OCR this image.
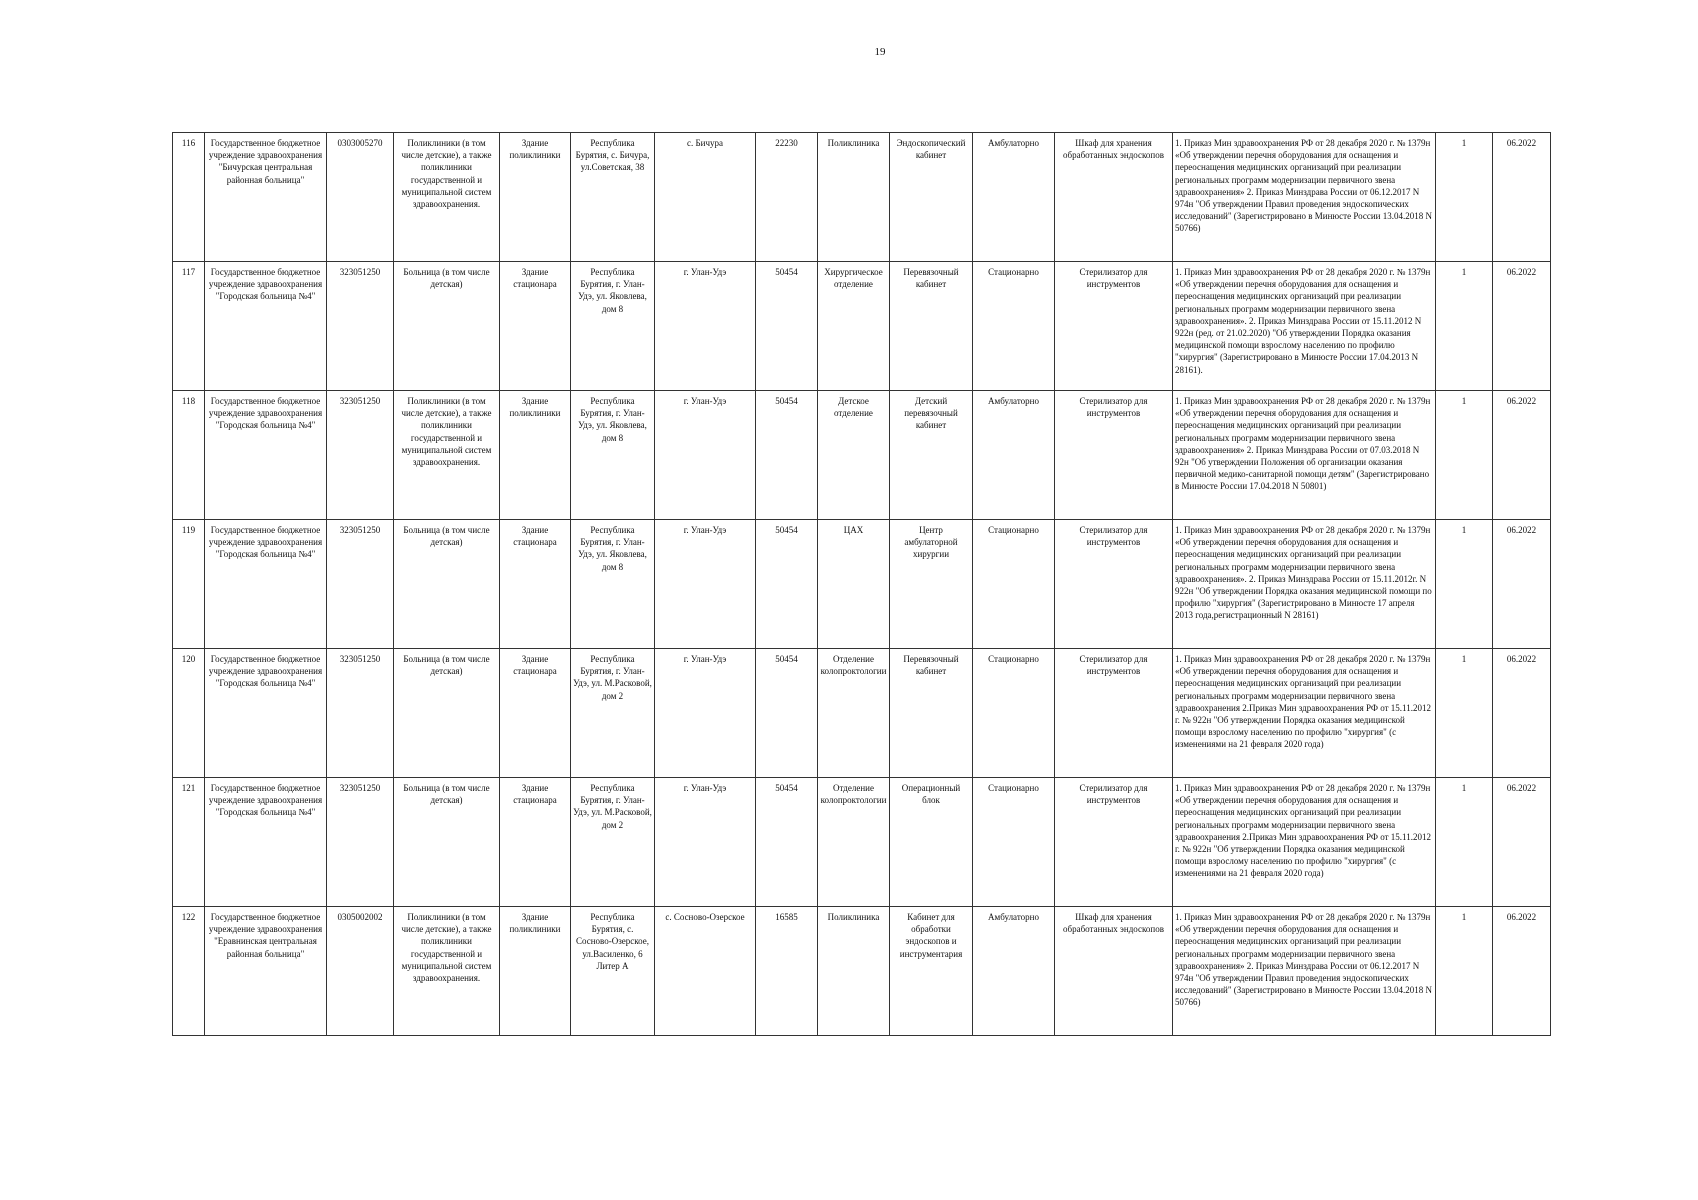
19
116	Государственное бюджетное учреждение здравоохранения "Бичурская центральная районная больница"	0303005270	Поликлиники (в том числе детские), а также поликлиники государственной и муниципальной систем здравоохранения.	Здание поликлиники	Республика Бурятия, с. Бичура, ул.Советская, 38	с. Бичура	22230	Поликлиника	Эндоскопический кабинет	Амбулаторно	Шкаф для хранения обработанных эндоскопов	1. Приказ Мин здравоохранения РФ от 28 декабря 2020 г. № 1379н «Об утверждении перечня оборудования для оснащения и переоснащения медицинских организаций при реализации региональных программ модернизации первичного звена здравоохранения» 2. Приказ Минздрава России от 06.12.2017 N 974н "Об утверждении Правил проведения эндоскопических исследований" (Зарегистрировано в Минюсте России 13.04.2018 N 50766)	1	06.2022
117	Государственное бюджетное учреждение здравоохранения "Городская больница №4"	323051250	Больница (в том числе детская)	Здание стационара	Республика Бурятия, г. Улан-Удэ, ул. Яковлева, дом 8	г. Улан-Удэ	50454	Хирургическое отделение	Перевязочный кабинет	Стационарно	Стерилизатор для инструментов	1. Приказ Мин здравоохранения РФ от 28 декабря 2020 г. № 1379н «Об утверждении перечня оборудования для оснащения и переоснащения медицинских организаций при реализации региональных программ модернизации первичного звена здравоохранения». 2. Приказ Минздрава России от 15.11.2012 N 922н (ред. от 21.02.2020) "Об утверждении Порядка оказания медицинской помощи взрослому населению по профилю "хирургия" (Зарегистрировано в Минюсте России 17.04.2013 N 28161).	1	06.2022
118	Государственное бюджетное учреждение здравоохранения "Городская больница №4"	323051250	Поликлиники (в том числе детские), а также поликлиники государственной и муниципальной систем здравоохранения.	Здание поликлиники	Республика Бурятия, г. Улан-Удэ, ул. Яковлева, дом 8	г. Улан-Удэ	50454	Детское отделение	Детский перевязочный кабинет	Амбулаторно	Стерилизатор для инструментов	1. Приказ Мин здравоохранения РФ от 28 декабря 2020 г. № 1379н «Об утверждении перечня оборудования для оснащения и переоснащения медицинских организаций при реализации региональных программ модернизации первичного звена здравоохранения» 2. Приказ Минздрава России от 07.03.2018 N 92н "Об утверждении Положения об организации оказания первичной медико-санитарной помощи детям" (Зарегистрировано в Минюсте России 17.04.2018 N 50801)	1	06.2022
119	Государственное бюджетное учреждение здравоохранения "Городская больница №4"	323051250	Больница (в том числе детская)	Здание стационара	Республика Бурятия, г. Улан-Удэ, ул. Яковлева, дом 8	г. Улан-Удэ	50454	ЦАХ	Центр амбулаторной хирургии	Стационарно	Стерилизатор для инструментов	1. Приказ Мин здравоохранения РФ от 28 декабря 2020 г. № 1379н «Об утверждении перечня оборудования для оснащения и переоснащения медицинских организаций при реализации региональных программ модернизации первичного звена здравоохранения». 2. Приказ Минздрава России от 15.11.2012г. N 922н "Об утверждении Порядка оказания медицинской помощи по профилю "хирургия" (Зарегистрировано в Минюсте 17 апреля 2013 года,регистрационный N 28161)	1	06.2022
120	Государственное бюджетное учреждение здравоохранения "Городская больница №4"	323051250	Больница (в том числе детская)	Здание стационара	Республика Бурятия, г. Улан-Удэ, ул. М.Расковой, дом 2	г. Улан-Удэ	50454	Отделение колопроктологии	Перевязочный кабинет	Стационарно	Стерилизатор для инструментов	1. Приказ Мин здравоохранения РФ от 28 декабря 2020 г. № 1379н «Об утверждении перечня оборудования для оснащения и переоснащения медицинских организаций при реализации региональных программ модернизации первичного звена здравоохранения 2.Приказ Мин здравоохранения РФ от 15.11.2012 г. № 922н "Об утверждении Порядка оказания медицинской помощи взрослому населению по профилю "хирургия" (с изменениями на 21 февраля 2020 года)	1	06.2022
121	Государственное бюджетное учреждение здравоохранения "Городская больница №4"	323051250	Больница (в том числе детская)	Здание стационара	Республика Бурятия, г. Улан-Удэ, ул. М.Расковой, дом 2	г. Улан-Удэ	50454	Отделение колопроктологии	Операционный блок	Стационарно	Стерилизатор для инструментов	1. Приказ Мин здравоохранения РФ от 28 декабря 2020 г. № 1379н «Об утверждении перечня оборудования для оснащения и переоснащения медицинских организаций при реализации региональных программ модернизации первичного звена здравоохранения 2.Приказ Мин здравоохранения РФ от 15.11.2012 г. № 922н "Об утверждении Порядка оказания медицинской помощи взрослому населению по профилю "хирургия" (с изменениями на 21 февраля 2020 года)	1	06.2022
122	Государственное бюджетное учреждение здравоохранения "Еравнинская центральная районная больница"	0305002002	Поликлиники (в том числе детские), а также поликлиники государственной и муниципальной систем здравоохранения.	Здание поликлиники	Республика Бурятия, с. Сосново-Озерское, ул.Василенко, 6 Литер А	с. Сосново-Озерское	16585	Поликлиника	Кабинет для обработки эндоскопов и инструментария	Амбулаторно	Шкаф для хранения обработанных эндоскопов	1. Приказ Мин здравоохранения РФ от 28 декабря 2020 г. № 1379н «Об утверждении перечня оборудования для оснащения и переоснащения медицинских организаций при реализации региональных программ модернизации первичного звена здравоохранения» 2. Приказ Минздрава России от 06.12.2017 N 974н "Об утверждении Правил проведения эндоскопических исследований" (Зарегистрировано в Минюсте России 13.04.2018 N 50766)	1	06.2022
